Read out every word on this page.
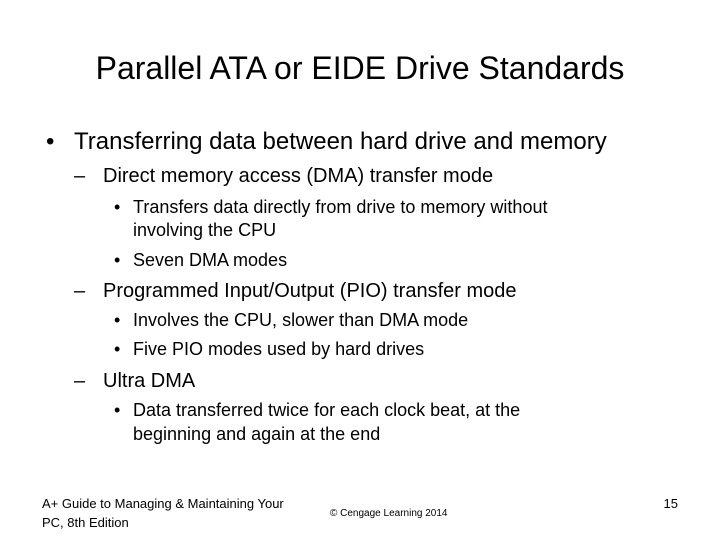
Parallel ATA or EIDE Drive Standards
• Transferring data between hard drive and memory
– Direct memory access (DMA) transfer mode
• Transfers data directly from drive to memory without
involving the CPU
• Seven DMA modes
– Programmed Input/Output (PIO) transfer mode
• Involves the CPU, slower than DMA mode
• Five PIO modes used by hard drives
– Ultra DMA
• Data transferred twice for each clock beat, at the
beginning and again at the end
A+ Guide to Managing & Maintaining Your
PC, 8th Edition
© Cengage Learning 2014
15
